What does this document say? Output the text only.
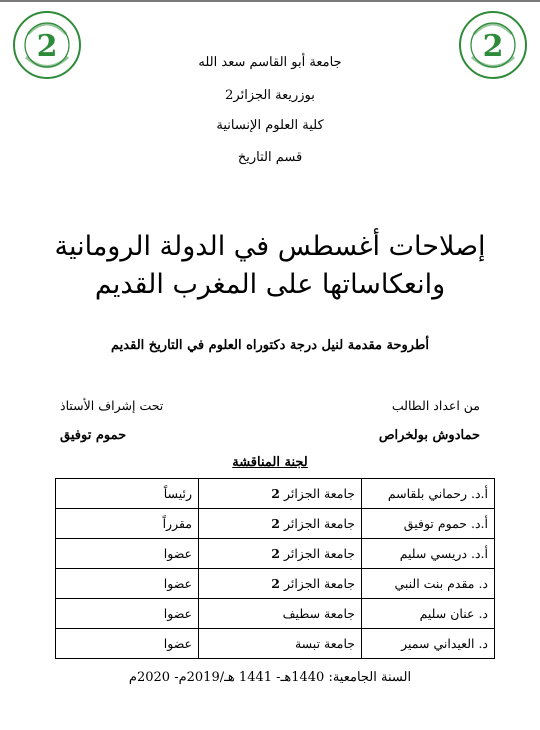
2
2	جامعة أبو القاسم سعد الله
بوزريعة الجزائر2
كلية العلوم الإنسانية
قسم التاريخ
إصلاحات أغسطس في الدولة الرومانية
وانعكاساتها على المغرب القديم
أطروحة مقدمة لنيل درجة دكتوراه العلوم في التاريخ القديم
من اعداد الطالب
تحت إشراف الأستاذ
حمادوش بولخراص
حموم توفيق
لجنة المناقشة
أ.د. رحماني بلقاسم	جامعة الجزائر 2	رئيساً
أ.د. حموم توفيق	جامعة الجزائر 2	مقرراً
أ.د. دريسي سليم	جامعة الجزائر 2	عضوا
د. مقدم بنت النبي	جامعة الجزائر 2	عضوا
د. عنان سليم	جامعة سطيف	عضوا
د. العيداني سمير	جامعة تبسة	عضوا
السنة الجامعية: 1440هـ- 1441 هـ/2019م- 2020م
